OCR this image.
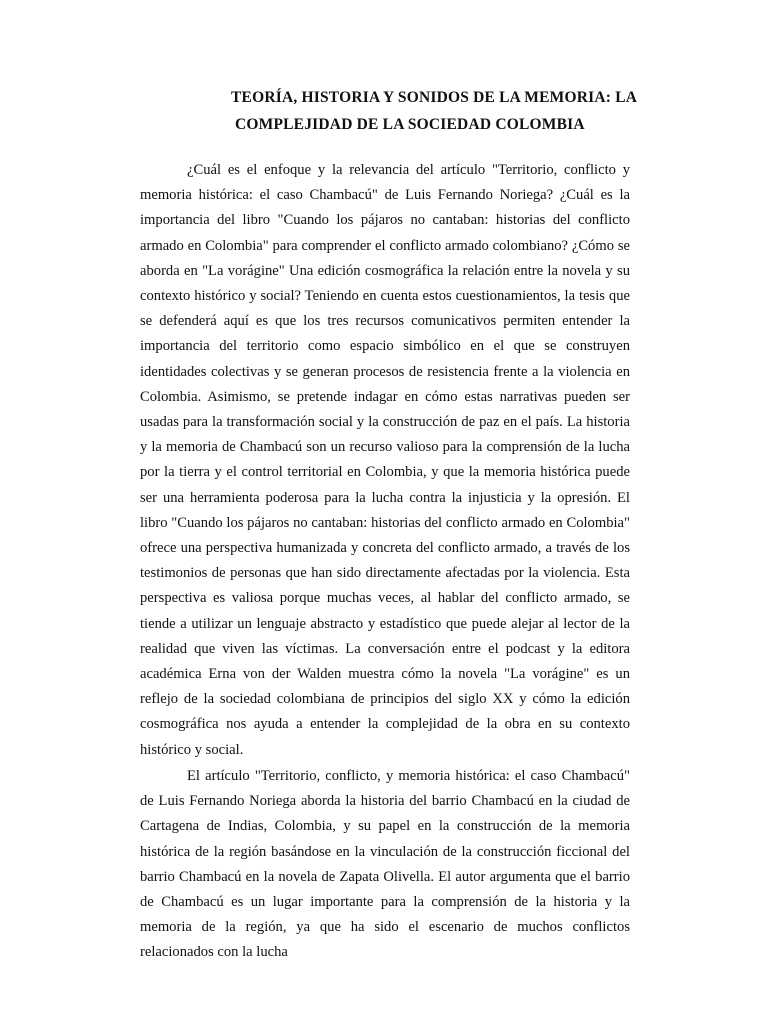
TEORÍA, HISTORIA Y SONIDOS DE LA MEMORIA: LA
COMPLEJIDAD DE LA SOCIEDAD COLOMBIA

¿Cuál es el enfoque y la relevancia del artículo "Territorio, conflicto y memoria histórica: el caso Chambacú" de Luis Fernando Noriega? ¿Cuál es la importancia del libro "Cuando los pájaros no cantaban: historias del conflicto armado en Colombia" para comprender el conflicto armado colombiano? ¿Cómo se aborda en "La vorágine" Una edición cosmográfica la relación entre la novela y su contexto histórico y social? Teniendo en cuenta estos cuestionamientos, la tesis que se defenderá aquí es que los tres recursos comunicativos permiten entender la importancia del territorio como espacio simbólico en el que se construyen identidades colectivas y se generan procesos de resistencia frente a la violencia en Colombia. Asimismo, se pretende indagar en cómo estas narrativas pueden ser usadas para la transformación social y la construcción de paz en el país. La historia y la memoria de Chambacú son un recurso valioso para la comprensión de la lucha por la tierra y el control territorial en Colombia, y que la memoria histórica puede ser una herramienta poderosa para la lucha contra la injusticia y la opresión. El libro "Cuando los pájaros no cantaban: historias del conflicto armado en Colombia" ofrece una perspectiva humanizada y concreta del conflicto armado, a través de los testimonios de personas que han sido directamente afectadas por la violencia. Esta perspectiva es valiosa porque muchas veces, al hablar del conflicto armado, se tiende a utilizar un lenguaje abstracto y estadístico que puede alejar al lector de la realidad que viven las víctimas. La conversación entre el podcast y la editora académica Erna von der Walden muestra cómo la novela "La vorágine" es un reflejo de la sociedad colombiana de principios del siglo XX y cómo la edición cosmográfica nos ayuda a entender la complejidad de la obra en su contexto histórico y social.

El artículo "Territorio, conflicto, y memoria histórica: el caso Chambacú" de Luis Fernando Noriega aborda la historia del barrio Chambacú en la ciudad de Cartagena de Indias, Colombia, y su papel en la construcción de la memoria histórica de la región basándose en la vinculación de la construcción ficcional del barrio Chambacú en la novela de Zapata Olivella. El autor argumenta que el barrio de Chambacú es un lugar importante para la comprensión de la historia y la memoria de la región, ya que ha sido el escenario de muchos conflictos relacionados con la lucha
